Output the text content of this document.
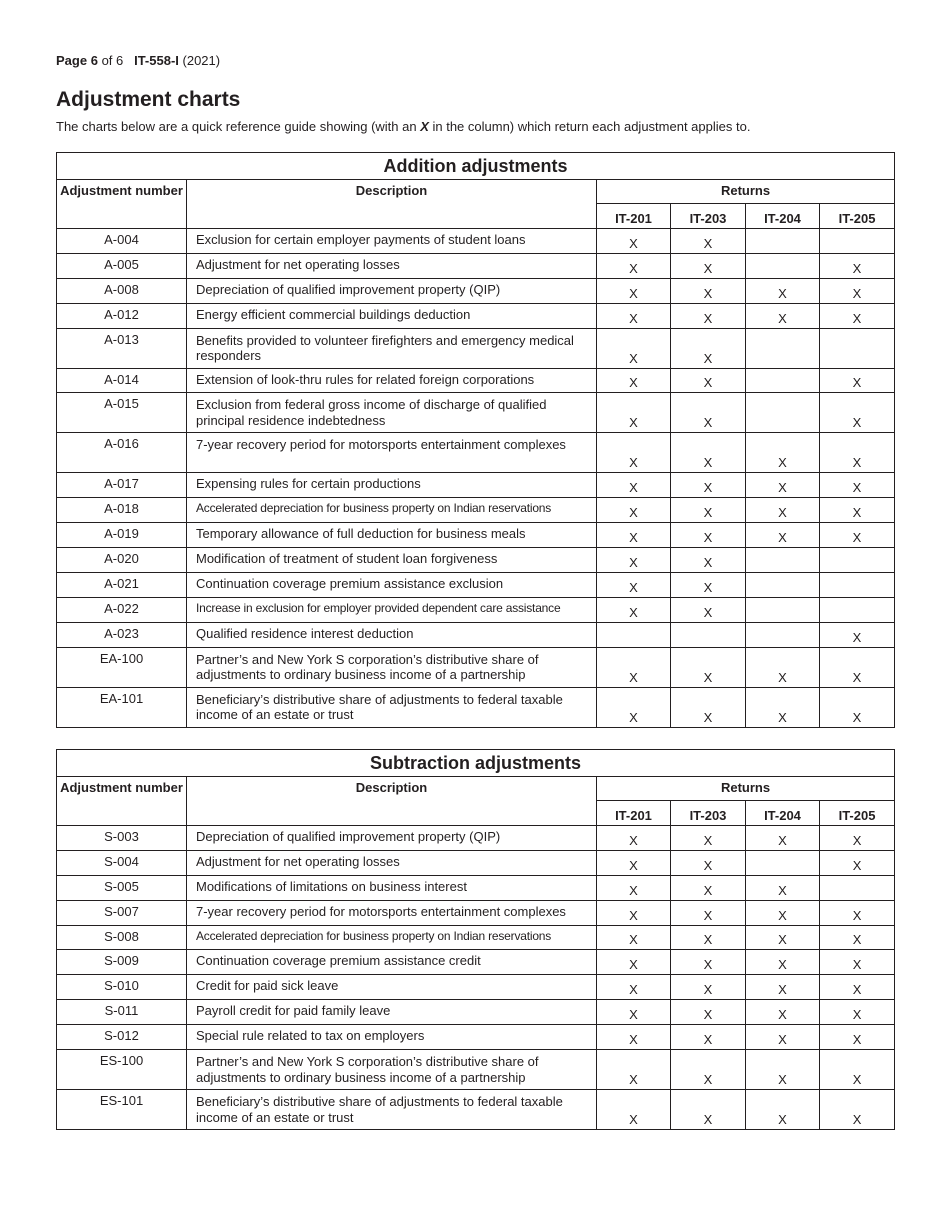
Page 6 of 6 IT-558-I (2021)
Adjustment charts
The charts below are a quick reference guide showing (with an X in the column) which return each adjustment applies to.
Addition adjustments					
Adjustment number	Description	Returns			
		IT-201	IT-203	IT-204	IT-205
A-004	Exclusion for certain employer payments of student loans	X	X		
A-005	Adjustment for net operating losses	X	X		X
A-008	Depreciation of qualified improvement property (QIP)	X	X	X	X
A-012	Energy efficient commercial buildings deduction	X	X	X	X
A-013	Benefits provided to volunteer firefighters and emergency medical responders	X	X		
A-014	Extension of look-thru rules for related foreign corporations	X	X		X
A-015	Exclusion from federal gross income of discharge of qualified principal residence indebtedness	X	X		X
A-016	7-year recovery period for motorsports entertainment complexes	X	X	X	X
A-017	Expensing rules for certain productions	X	X	X	X
A-018	Accelerated depreciation for business property on Indian reservations	X	X	X	X
A-019	Temporary allowance of full deduction for business meals	X	X	X	X
A-020	Modification of treatment of student loan forgiveness	X	X		
A-021	Continuation coverage premium assistance exclusion	X	X		
A-022	Increase in exclusion for employer provided dependent care assistance	X	X		
A-023	Qualified residence interest deduction				X
EA-100	Partner’s and New York S corporation’s distributive share of adjustments to ordinary business income of a partnership	X	X	X	X
EA-101	Beneficiary’s distributive share of adjustments to federal taxable income of an estate or trust	X	X	X	X
Subtraction adjustments					
Adjustment number	Description	Returns			
		IT-201	IT-203	IT-204	IT-205
S-003	Depreciation of qualified improvement property (QIP)	X	X	X	X
S-004	Adjustment for net operating losses	X	X		X
S-005	Modifications of limitations on business interest	X	X	X	
S-007	7-year recovery period for motorsports entertainment complexes	X	X	X	X
S-008	Accelerated depreciation for business property on Indian reservations	X	X	X	X
S-009	Continuation coverage premium assistance credit	X	X	X	X
S-010	Credit for paid sick leave	X	X	X	X
S-011	Payroll credit for paid family leave	X	X	X	X
S-012	Special rule related to tax on employers	X	X	X	X
ES-100	Partner’s and New York S corporation’s distributive share of adjustments to ordinary business income of a partnership	X	X	X	X
ES-101	Beneficiary’s distributive share of adjustments to federal taxable income of an estate or trust	X	X	X	X
